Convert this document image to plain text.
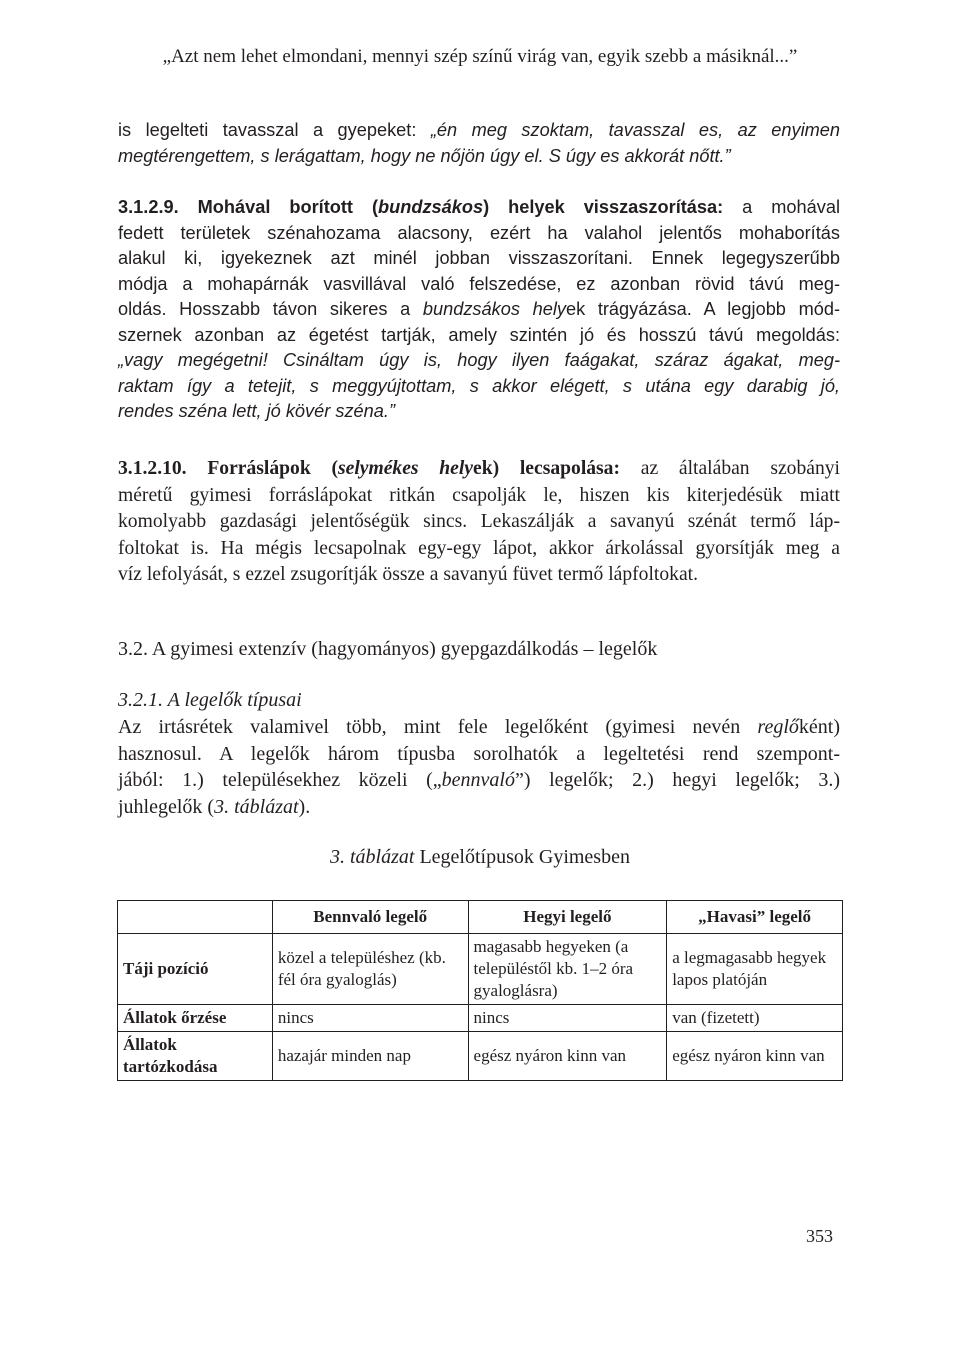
„Azt nem lehet elmondani, mennyi szép színű virág van, egyik szebb a másiknál...”

is legelteti tavasszal a gyepeket: „én meg szoktam, tavasszal es, az enyimen
megtérengettem, s lerágattam, hogy ne nőjön úgy el. S úgy es akkorát nőtt.”

3.1.2.9. Mohával borított (bundzsákos) helyek visszaszorítása: a mohával
fedett területek szénahozama alacsony, ezért ha valahol jelentős mohaborítás
alakul ki, igyekeznek azt minél jobban visszaszorítani. Ennek legegyszerűbb
módja a mohapárnák vasvillával való felszedése, ez azonban rövid távú meg-
oldás. Hosszabb távon sikeres a bundzsákos helyek trágyázása. A legjobb mód-
szernek azonban az égetést tartják, amely szintén jó és hosszú távú megoldás:
„vagy megégetni! Csináltam úgy is, hogy ilyen faágakat, száraz ágakat, meg-
raktam így a tetejit, s meggyújtottam, s akkor elégett, s utána egy darabig jó,
rendes széna lett, jó kövér széna.”

3.1.2.10. Forráslápok (selymékes helyek) lecsapolása: az általában szobányi
méretű gyimesi forráslápokat ritkán csapolják le, hiszen kis kiterjedésük miatt
komolyabb gazdasági jelentőségük sincs. Lekaszálják a savanyú szénát termő láp-
foltokat is. Ha mégis lecsapolnak egy-egy lápot, akkor árkolással gyorsítják meg a
víz lefolyását, s ezzel zsugorítják össze a savanyú füvet termő lápfoltokat.

3.2. A gyimesi extenzív (hagyományos) gyepgazdálkodás – legelők
3.2.1. A legelők típusai

Az irtásrétek valamivel több, mint fele legelőként (gyimesi nevén reglőként)
hasznosul. A legelők három típusba sorolhatók a legeltetési rend szempont-
jából: 1.) településekhez közeli („bennvaló”) legelők; 2.) hegyi legelők; 3.)
juhlegelők (3. táblázat).

3. táblázat Legelőtípusok Gyimesben
	Bennvaló legelő	Hegyi legelő	„Havasi” legelő
Táji pozíció	közel a településhez (kb. fél óra gyaloglás)	magasabb hegyeken (a településtől kb. 1–2 óra gyaloglásra)	a legmagasabb hegyek lapos platóján
Állatok őrzése	nincs	nincs	van (fizetett)
Állatok tartózkodása	hazajár minden nap	egész nyáron kinn van	egész nyáron kinn van
353
